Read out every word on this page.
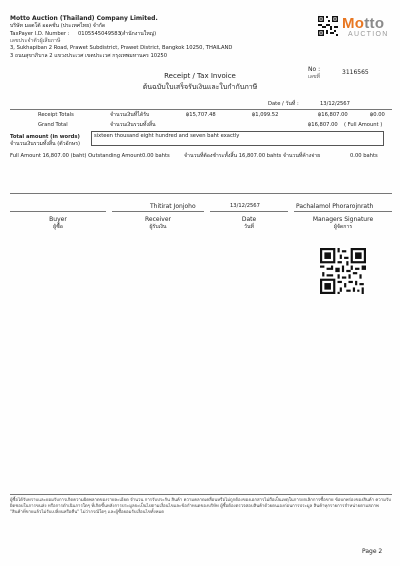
Motto Auction (Thailand) Company Limited.
บริษัท มอตโต้ ออคชั่น (ประเทศไทย) จำกัด
TaxPayer I.D. Number : 0105545049583 (สำนักงานใหญ่)
เลขประจำตัวผู้เสียภาษี
3, Sukhapiban 2 Road, Prawet Subdistrict, Prawet District, Bangkok 10250, THAILAND
3 ถนนสุขาภิบาล 2 แขวงประเวศ เขตประเวศ กรุงเทพมหานคร 10250
Motto
AUCTION
No :
เลขที่
3116565
Receipt / Tax Invoice
ต้นฉบับใบเสร็จรับเงินและใบกำกับภาษี
Date / วันที่ :	13/12/2567
Receipt Totals	จำนวนเงินที่ได้รับ	฿15,707.48	฿1,099.52	฿16,807.00	฿0.00
Grand Total	จำนวนเงินรวมทั้งสิ้น	฿16,807.00 ( Full Amount )
Total amount (in words)
จำนวนเงินรวมทั้งสิ้น (ตัวอักษร)
sixteen thousand eight hundred and seven baht exactly
Full Amount 16,807.00 (baht) Outstanding Amount 0.00 bahts	จำนวนที่ต้องชำระทั้งสิ้น 16,807.00 bahts จำนวนที่ค้างจ่าย	0.00 bahts
Thitirat Jonjoho	13/12/2567	Pachalamol Phorarojnrath
Buyer
ผู้ซื้อ
Receiver
ผู้รับเงิน
Date
วันที่
Managers Signature
ผู้จัดการ
ผู้ซื้อได้รับทราบและยอมรับการเกิดความผิดพลาดของรายละเอียด จำนวน การรับประกัน สินค้า ความคลาดเคลื่อนหรือไม่ถูกต้องของเอกสารไม่ถือเป็นเหตุในการยกเลิกการซื้อขาย ข้อบกพร่องของสินค้า ความรับผิดชอบในการขนส่ง หรือการดำเนินการใดๆ ที่เกิดขึ้นหลังการประมูลจะเป็นไปตามเงื่อนไขและข้อกำหนดของบริษัท ผู้ซื้อต้องตรวจสอบสินค้าด้วยตนเองก่อนการประมูล สินค้าทุกรายการจำหน่ายตามสภาพ "สินค้าที่ขายแล้วไม่รับเปลี่ยนหรือคืน" ไม่ว่ากรณีใดๆ และผู้ซื้อยอมรับเงื่อนไขทั้งหมด
Page 2
